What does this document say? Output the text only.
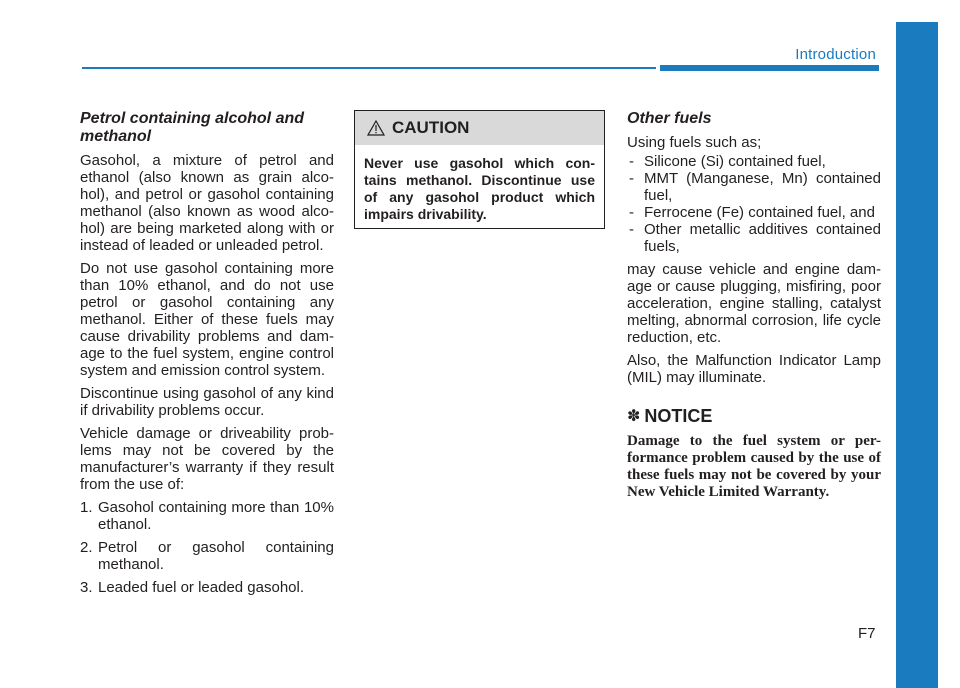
Introduction
Petrol containing alcohol and methanol

Gasohol, a mixture of petrol and ethanol (also known as grain alco- hol), and petrol or gasohol containing methanol (also known as wood alco- hol) are being marketed along with or instead of leaded or unleaded petrol.

Do not use gasohol containing more than 10% ethanol, and do not use petrol or gasohol containing any methanol. Either of these fuels may cause drivability problems and dam- age to the fuel system, engine control system and emission control system.

Discontinue using gasohol of any kind if drivability problems occur.

Vehicle damage or driveability prob- lems may not be covered by the manufacturer’s warranty if they result from the use of:

1. Gasohol containing more than 10% ethanol.
2. Petrol or gasohol containing methanol.
3. Leaded fuel or leaded gasohol.
CAUTION
Never use gasohol which con- tains methanol. Discontinue use of any gasohol product which impairs drivability.
Other fuels

Using fuels such as;

- Silicone (Si) contained fuel,
- MMT (Manganese, Mn) contained fuel,
- Ferrocene (Fe) contained fuel, and
- Other metallic additives contained fuels,

may cause vehicle and engine dam- age or cause plugging, misfiring, poor acceleration, engine stalling, catalyst melting, abnormal corrosion, life cycle reduction, etc.

Also, the Malfunction Indicator Lamp (MIL) may illuminate.

✽ NOTICE
Damage to the fuel system or per- formance problem caused by the use of these fuels may not be covered by your New Vehicle Limited Warranty.
F7
